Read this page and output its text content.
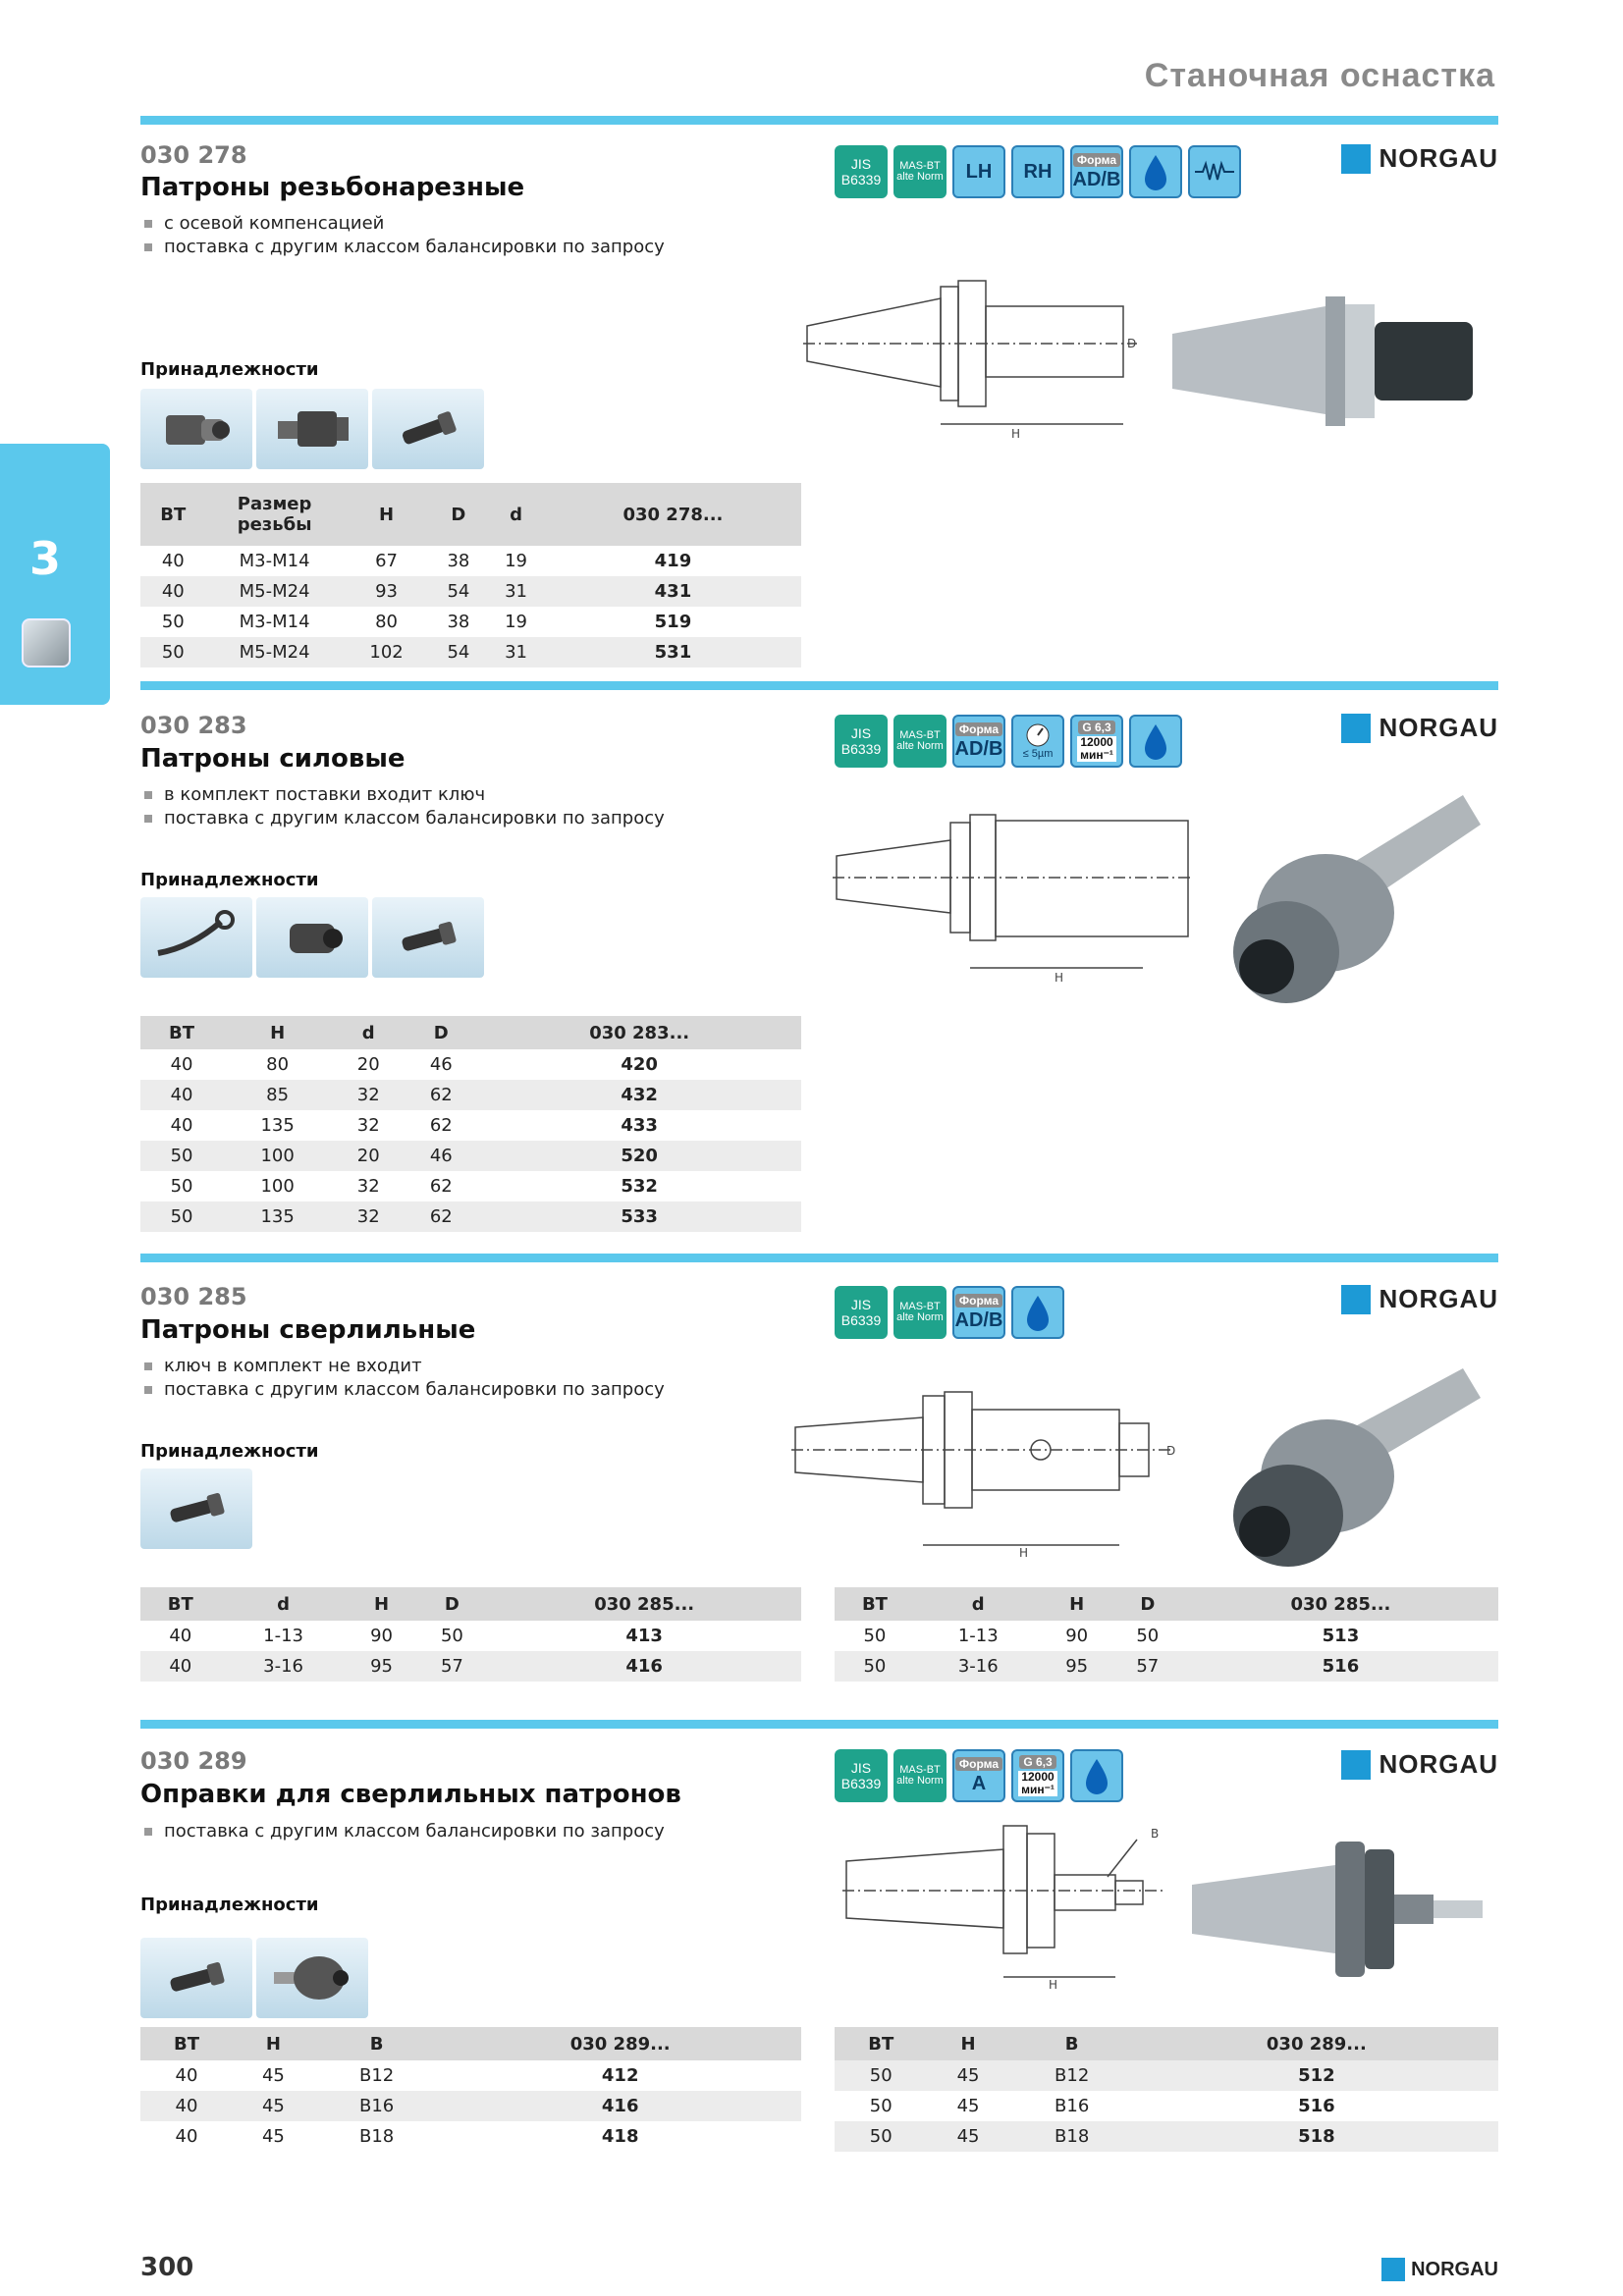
Станочная оснастка
3
030 278
Патроны резьбонарезные
с осевой компенсацией
поставка с другим классом балансировки по запросу
Принадлежности
JIS
B6339
MAS-BT
alte Norm LH RH
Форма
AD/B
NORGAU
H
D
BT	Размер резьбы	H	D	d	030 278...
40	M3-M14	67	38	19	419
40	M5-M24	93	54	31	431
50	M3-M14	80	38	19	519
50	M5-M24	102	54	31	531
030 283
Патроны силовые
в комплект поставки входит ключ
поставка с другим классом балансировки по запросу
Принадлежности
JIS
B6339
MAS-BT
alte Norm
Форма
AD/B ≤ 5µm
G 6,3
12000
мин⁻¹
NORGAU
H
BT	H	d	D	030 283...
40	80	20	46	420
40	85	32	62	432
40	135	32	62	433
50	100	20	46	520
50	100	32	62	532
50	135	32	62	533
030 285
Патроны сверлильные
ключ в комплект не входит
поставка с другим классом балансировки по запросу
Принадлежности
JIS
B6339
MAS-BT
alte Norm
Форма
AD/B
NORGAU
H
D
BT	d	H	D	030 285...
40	1-13	90	50	413
40	3-16	95	57	416
BT	d	H	D	030 285...
50	1-13	90	50	513
50	3-16	95	57	516
030 289
Оправки для сверлильных патронов
поставка с другим классом балансировки по запросу
Принадлежности
JIS
B6339
MAS-BT
alte Norm
Форма
A
G 6,3
12000
мин⁻¹
NORGAU
H
B
BT	H	B	030 289...
40	45	B12	412
40	45	B16	416
40	45	B18	418
BT	H	B	030 289...
50	45	B12	512
50	45	B16	516
50	45	B18	518
300	NORGAU
